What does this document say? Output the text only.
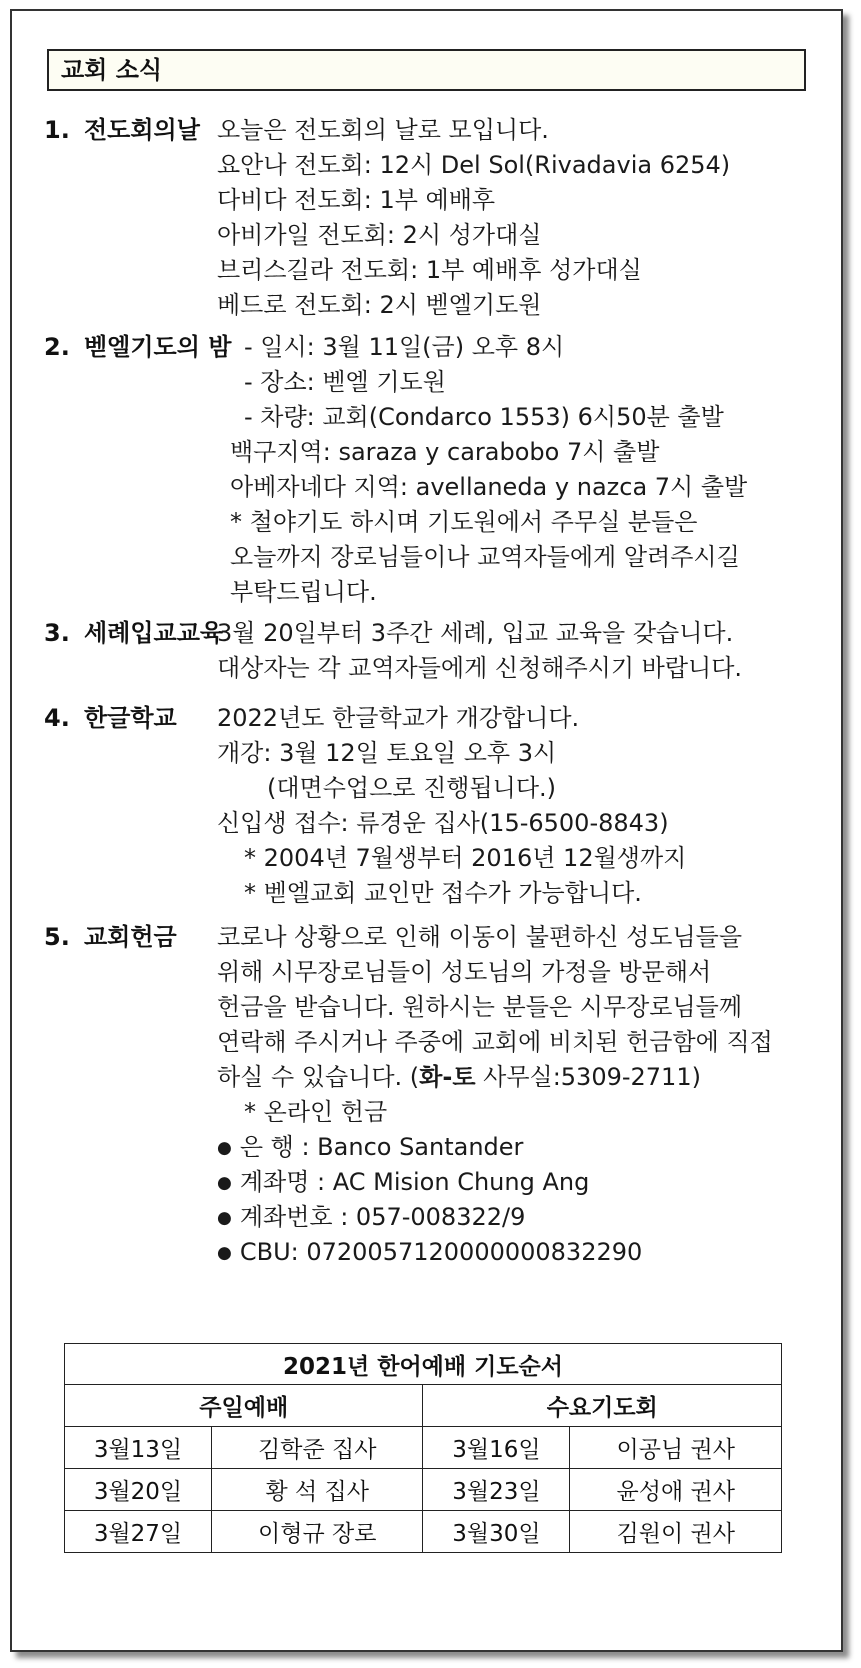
교회 소식
1. 전도회의날 오늘은 전도회의 날로 모입니다.
요안나 전도회: 12시 Del Sol(Rivadavia 6254)
다비다 전도회: 1부 예배후
아비가일 전도회: 2시 성가대실
브리스길라 전도회: 1부 예배후 성가대실
베드로 전도회: 2시 벧엘기도원
2. 벧엘기도의 밤 - 일시: 3월 11일(금) 오후 8시
- 장소: 벧엘 기도원
- 차량: 교회(Condarco 1553) 6시50분 출발
백구지역: saraza y carabobo 7시 출발
아베자네다 지역: avellaneda y nazca 7시 출발
* 철야기도 하시며 기도원에서 주무실 분들은
오늘까지 장로님들이나 교역자들에게 알려주시길
부탁드립니다.
3. 세례입교교육
3월 20일부터 3주간 세례, 입교 교육을 갖습니다.
대상자는 각 교역자들에게 신청해주시기 바랍니다.
4. 한글학교 2022년도 한글학교가 개강합니다.
개강: 3월 12일 토요일 오후 3시
(대면수업으로 진행됩니다.)
신입생 접수: 류경운 집사(15-6500-8843)
* 2004년 7월생부터 2016년 12월생까지
* 벧엘교회 교인만 접수가 가능합니다.
5. 교회헌금 코로나 상황으로 인해 이동이 불편하신 성도님들을
위해 시무장로님들이 성도님의 가정을 방문해서
헌금을 받습니다. 원하시는 분들은 시무장로님들께
연락해 주시거나 주중에 교회에 비치된 헌금함에 직접
하실 수 있습니다. (화-토 사무실:5309-2711)
* 온라인 헌금
● 은 행 : Banco Santander
● 계좌명 : AC Mision Chung Ang
● 계좌번호 : 057-008322/9
● CBU: 0720057120000000832290
2021년 한어예배 기도순서			
주일예배		수요기도회	
3월13일	김학준 집사	3월16일	이공님 권사
3월20일	황 석 집사	3월23일	윤성애 권사
3월27일	이형규 장로	3월30일	김원이 권사
